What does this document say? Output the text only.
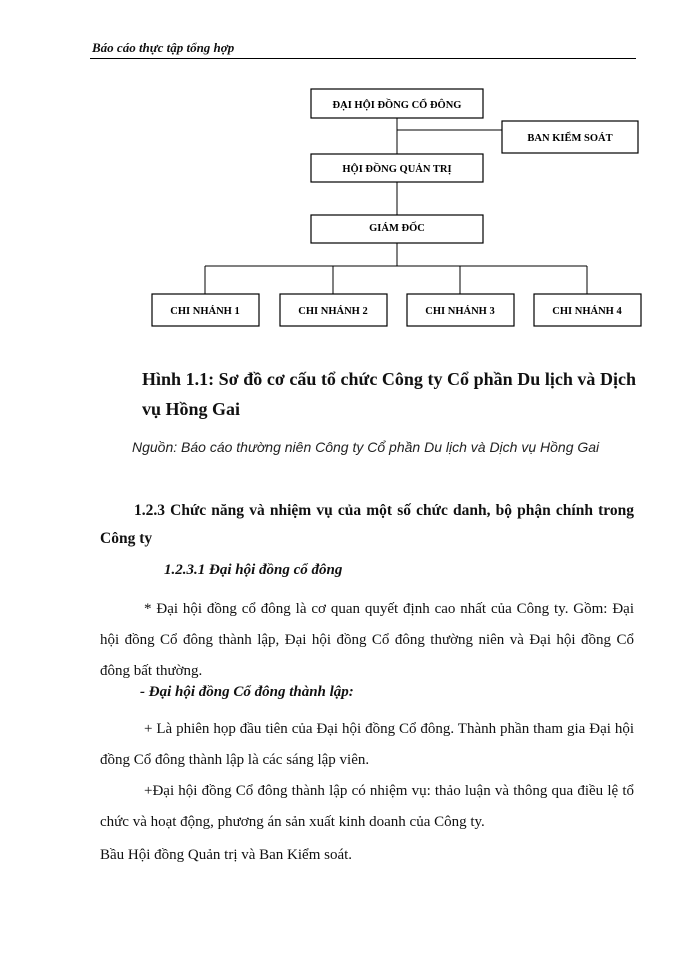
Báo cáo thực tập tổng hợp
ĐẠI HỘI ĐỒNG CỔ ĐÔNG
BAN KIỂM SOÁT
HỘI ĐỒNG QUẢN TRỊ
GIÁM ĐỐC
CHI NHÁNH 1	CHI NHÁNH 2	CHI NHÁNH 3	CHI NHÁNH 4
Hình 1.1: Sơ đồ cơ cấu tổ chức Công ty Cổ phần Du lịch và Dịch vụ Hồng Gai
Nguồn: Báo cáo thường niên Công ty Cổ phần Du lịch và Dịch vụ Hồng Gai
1.2.3 Chức năng và nhiệm vụ của một số chức danh, bộ phận chính trong Công ty
1.2.3.1 Đại hội đồng cổ đông
* Đại hội đồng cổ đông là cơ quan quyết định cao nhất của Công ty. Gồm: Đại hội đồng Cổ đông thành lập, Đại hội đồng Cổ đông thường niên và Đại hội đồng Cổ đông bất thường.
- Đại hội đồng Cổ đông thành lập:
+ Là phiên họp đầu tiên của Đại hội đồng Cổ đông. Thành phần tham gia Đại hội đồng Cổ đông thành lập là các sáng lập viên.
+Đại hội đồng Cổ đông thành lập có nhiệm vụ: thảo luận và thông qua điều lệ tổ chức và hoạt động, phương án sản xuất kinh doanh của Công ty.
Bầu Hội đồng Quản trị và Ban Kiểm soát.
